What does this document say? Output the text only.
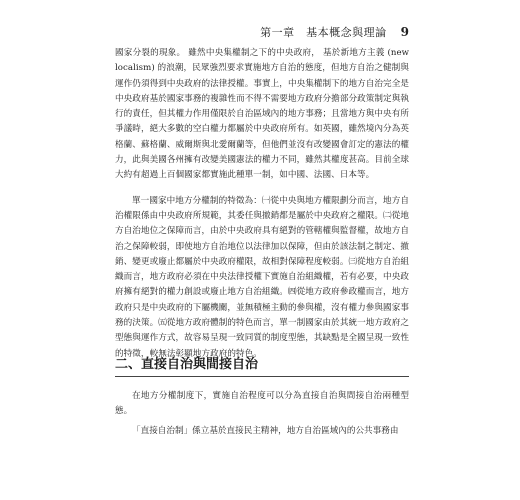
第一章　基本概念與理論 9

國家分裂的現象。 雖然中央集權制之下的中央政府， 基於新地方主義 (new localism) 的浪潮，民眾強烈要求實施地方自治的態度，但地方自治之健制與運作仍須得到中央政府的法律授權。事實上，中央集權制下的地方自治完全是中央政府基於國家事務的複雜性而不得不需要地方政府分擔部分政策制定與執行的責任，但其權力作用僅限於自治區域內的地方事務；且當地方與中央有所爭議時，絕大多數的空白權力都屬於中央政府所有。如英國，雖然境內分為英格蘭、蘇格蘭、威爾斯與北愛爾蘭等，但他們並沒有改變國會訂定的憲法的權力，此與美國各州擁有改變美國憲法的權力不同，雖然其權度甚高。目前全球大約有超過上百個國家都實施此種單一制，如中國、法國、日本等。

單一國家中地方分權制的特徵為：㈠從中央與地方權限劃分而言，地方自治權限係由中央政府所規範，其委任與撤銷都是屬於中央政府之權限。㈡從地方自治地位之保障而言，由於中央政府具有絕對的管轄權與監督權，故地方自治之保障較弱，即使地方自治地位以法律加以保障，但由於該法制之制定、撤銷、變更或廢止都屬於中央政府權限，故相對保障程度較弱。㈢從地方自治組織而言，地方政府必須在中央法律授權下實施自治組織權，若有必要，中央政府擁有絕對的權力創設或廢止地方自治組織。㈣從地方政府參政權而言，地方政府只是中央政府的下屬機關，並無積極主動的參與權，沒有權力參與國家事務的決策。㈤從地方政府體制的特色而言，單一制國家由於其統一地方政府之型態與運作方式，故容易呈現一致同質的制度型態，其缺點是全國呈現一致性的特徵，較無法彰顯地方政府的特色。

二、直接自治與間接自治

在地方分權制度下，實施自治程度可以分為直接自治與間接自治兩種型態。

「直接自治制」係立基於直接民主精神，地方自治區域內的公共事務由
